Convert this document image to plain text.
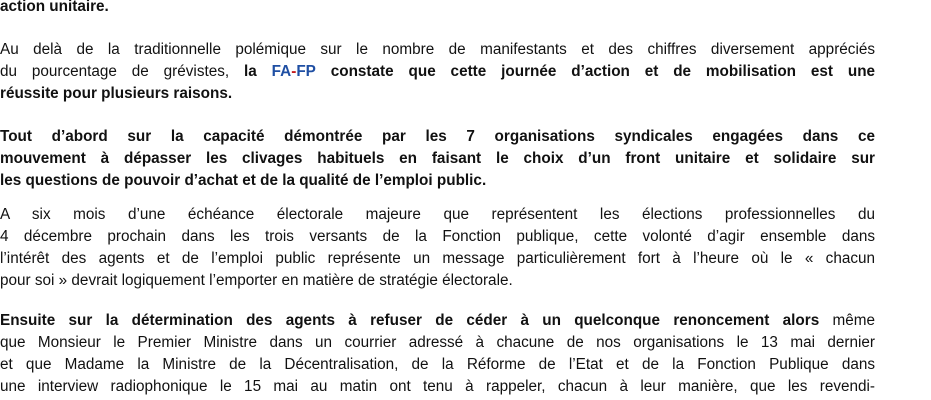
action unitaire.
Au delà de la traditionnelle polémique sur le nombre de manifestants et des chiffres diversement appréciés
du pourcentage de grévistes, la FA-FP constate que cette journée d’action et de mobilisation est une
réussite pour plusieurs raisons.
Tout d’abord sur la capacité démontrée par les 7 organisations syndicales engagées dans ce
mouvement à dépasser les clivages habituels en faisant le choix d’un front unitaire et solidaire sur
les questions de pouvoir d’achat et de la qualité de l’emploi public.
A six mois d’une échéance électorale majeure que représentent les élections professionnelles du
4 décembre prochain dans les trois versants de la Fonction publique, cette volonté d’agir ensemble dans
l’intérêt des agents et de l’emploi public représente un message particulièrement fort à l’heure où le « chacun
pour soi » devrait logiquement l’emporter en matière de stratégie électorale.
Ensuite sur la détermination des agents à refuser de céder à un quelconque renoncement alors même
que Monsieur le Premier Ministre dans un courrier adressé à chacune de nos organisations le 13 mai dernier
et que Madame la Ministre de la Décentralisation, de la Réforme de l’Etat et de la Fonction Publique dans
une interview radiophonique le 15 mai au matin ont tenu à rappeler, chacun à leur manière, que les revendi-
